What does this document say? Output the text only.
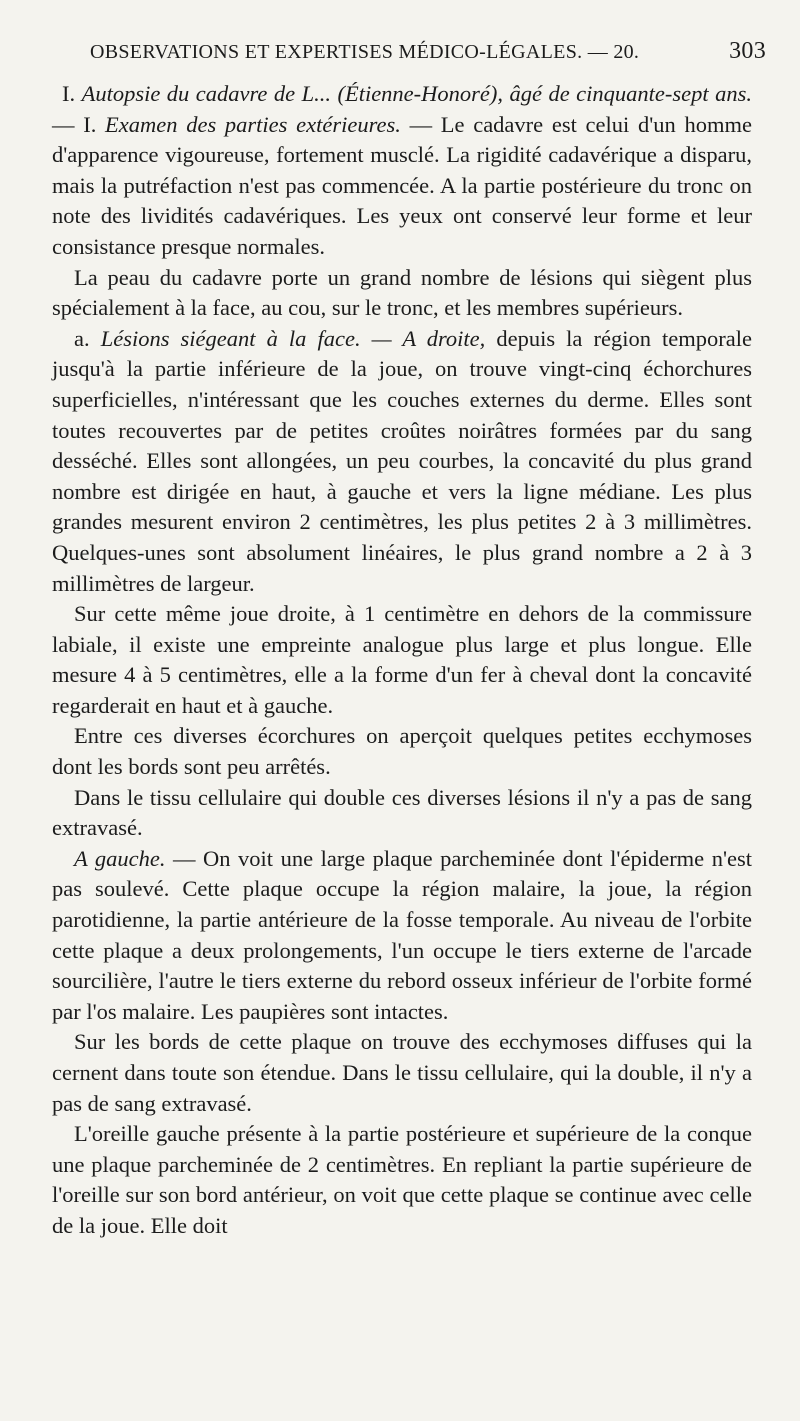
OBSERVATIONS ET EXPERTISES MÉDICO-LÉGALES. — 20.	303

I. Autopsie du cadavre de L... (Étienne-Honoré), âgé de cinquante-sept ans. — I. Examen des parties extérieures. — Le cadavre est celui d'un homme d'apparence vigoureuse, fortement musclé. La rigidité cadavérique a disparu, mais la putréfaction n'est pas commencée. A la partie postérieure du tronc on note des lividités cadavériques. Les yeux ont conservé leur forme et leur consistance presque normales.

La peau du cadavre porte un grand nombre de lésions qui siègent plus spécialement à la face, au cou, sur le tronc, et les membres supérieurs.

a. Lésions siégeant à la face. — A droite, depuis la région temporale jusqu'à la partie inférieure de la joue, on trouve vingt-cinq échorchures superficielles, n'intéressant que les couches externes du derme. Elles sont toutes recouvertes par de petites croûtes noirâtres formées par du sang desséché. Elles sont allongées, un peu courbes, la concavité du plus grand nombre est dirigée en haut, à gauche et vers la ligne médiane. Les plus grandes mesurent environ 2 centimètres, les plus petites 2 à 3 millimètres. Quelques-unes sont absolument linéaires, le plus grand nombre a 2 à 3 millimètres de largeur.

Sur cette même joue droite, à 1 centimètre en dehors de la commissure labiale, il existe une empreinte analogue plus large et plus longue. Elle mesure 4 à 5 centimètres, elle a la forme d'un fer à cheval dont la concavité regarderait en haut et à gauche.

Entre ces diverses écorchures on aperçoit quelques petites ecchymoses dont les bords sont peu arrêtés.

Dans le tissu cellulaire qui double ces diverses lésions il n'y a pas de sang extravasé.

A gauche. — On voit une large plaque parcheminée dont l'épiderme n'est pas soulevé. Cette plaque occupe la région malaire, la joue, la région parotidienne, la partie antérieure de la fosse temporale. Au niveau de l'orbite cette plaque a deux prolongements, l'un occupe le tiers externe de l'arcade sourcilière, l'autre le tiers externe du rebord osseux inférieur de l'orbite formé par l'os malaire. Les paupières sont intactes.

Sur les bords de cette plaque on trouve des ecchymoses diffuses qui la cernent dans toute son étendue. Dans le tissu cellulaire, qui la double, il n'y a pas de sang extravasé.

L'oreille gauche présente à la partie postérieure et supérieure de la conque une plaque parcheminée de 2 centimètres. En repliant la partie supérieure de l'oreille sur son bord antérieur, on voit que cette plaque se continue avec celle de la joue. Elle doit
